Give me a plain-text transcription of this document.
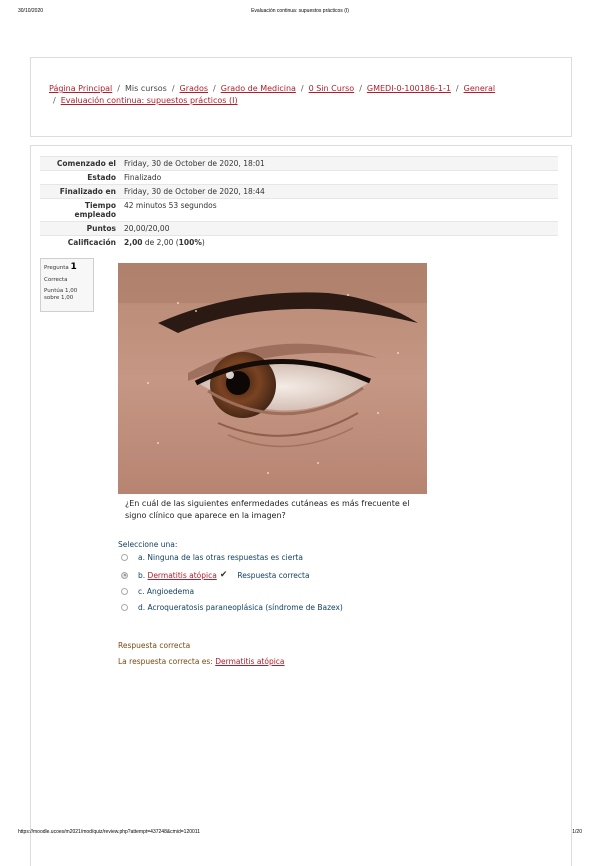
30/10/2020	Evaluación continua: supuestos prácticos (I)
Página Principal / Mis cursos / Grados / Grado de Medicina / 0 Sin Curso / GMEDI-0-100186-1-1 / General
/ Evaluación continua: supuestos prácticos (I)
Comenzado el	Friday, 30 de October de 2020, 18:01
Estado	Finalizado
Finalizado en	Friday, 30 de October de 2020, 18:44
Tiempo empleado	42 minutos 53 segundos
Puntos	20,00/20,00
Calificación	2,00 de 2,00 (100%)
Pregunta 1
Correcta
Puntúa 1,00 sobre 1,00
¿En cuál de las siguientes enfermedades cutáneas es más frecuente el signo clínico que aparece en la imagen?
Seleccione una:
a.
Ninguna de las otras respuestas es cierta
b.
Dermatitis atópica ✔ Respuesta correcta
c.
Angioedema
d.
Acroqueratosis paraneoplásica (síndrome de Bazex)
Respuesta correcta
La respuesta correcta es: Dermatitis atópica
https://moodle.ucoes/m2021/mod/quiz/review.php?attempt=437248&cmid=120011	1/20
